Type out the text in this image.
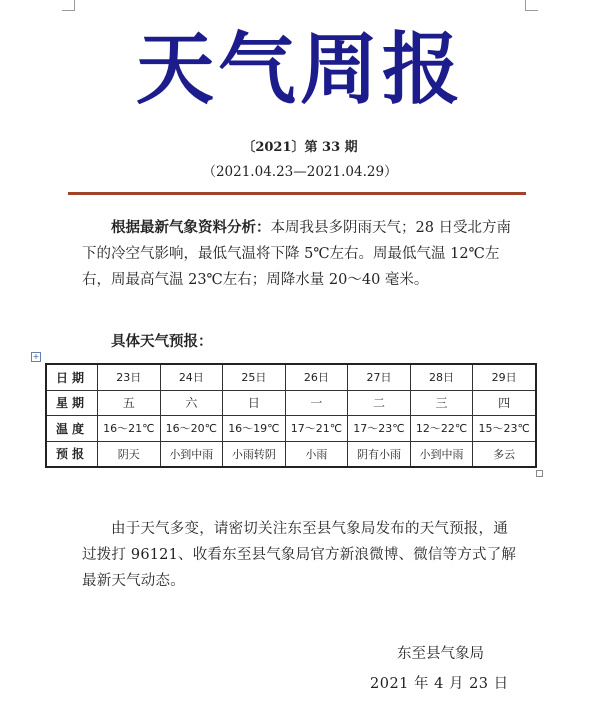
天气周报
〔2021〕第 33 期
（2021.04.23—2021.04.29）
根据最新气象资料分析：本周我县多阴雨天气；28 日受北方南下的冷空气影响，最低气温将下降 5℃左右。周最低气温 12℃左右，周最高气温 23℃左右；周降水量 20～40 毫米。
具体天气预报：
+
日期	23日	24日	25日	26日	27日	28日	29日
星期	五	六	日	一	二	三	四
温度	16～21℃	16～20℃	16～19℃	17～21℃	17～23℃	12～22℃	15～23℃
预报	阴天	小到中雨	小雨转阴	小雨	阴有小雨	小到中雨	多云
由于天气多变，请密切关注东至县气象局发布的天气预报，通过拨打 96121、收看东至县气象局官方新浪微博、微信等方式了解最新天气动态。
东至县气象局
2021 年 4 月 23 日
